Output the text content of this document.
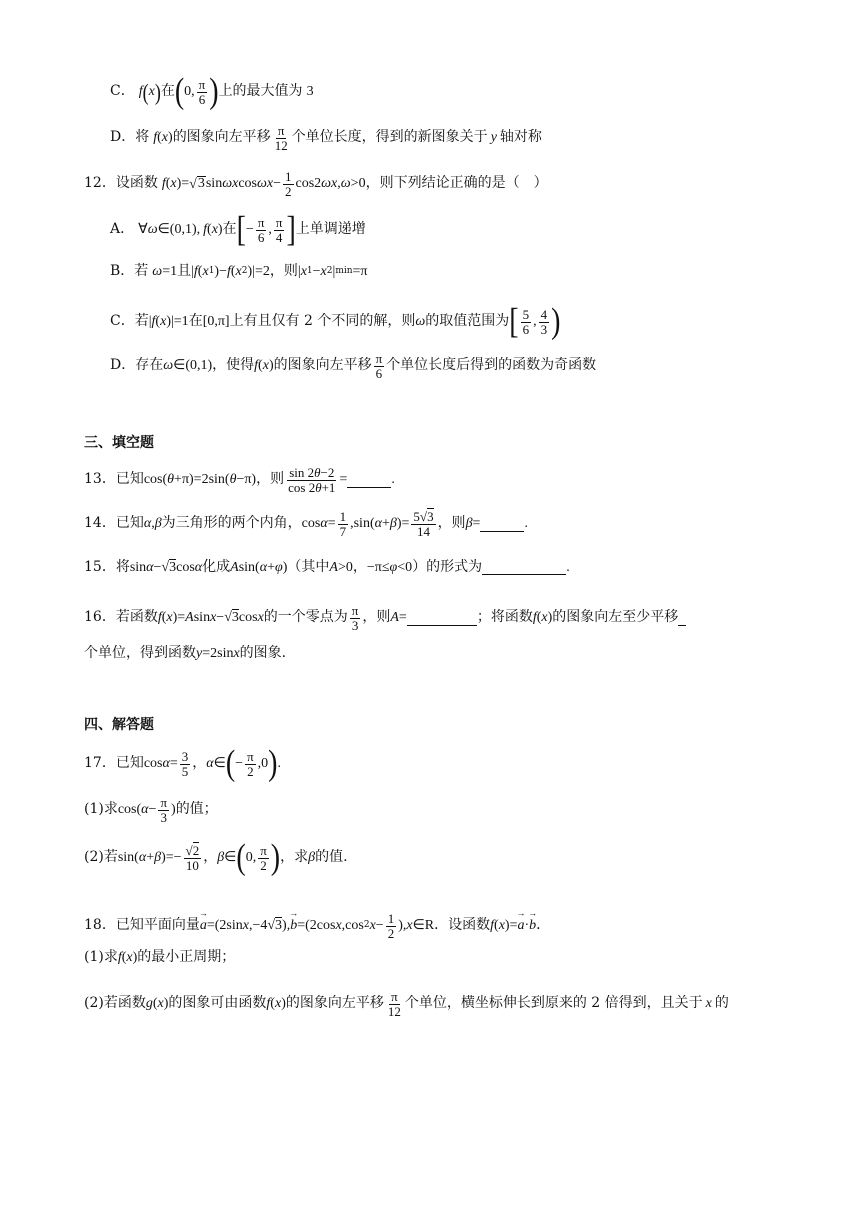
C． f ( x ) 在 ( 0, $\frac{\pi}{6}$ ) 上的最大值为 3
D． 将 f ( x ) 的图象向左平移 $\frac{\pi}{12}$ 个单位长度，得到的新图象关于 y 轴对称
12． 设函数 f ( x )= √ 3 sin ωx $\cos \omega x - \frac{1}{2} \cos 2$ ωx , ω >0 ，则下列结论正确的是（　）
A． ∀ ω ∈(0,1), f ( x ) 在 [ − $\frac{\pi}{6}$ , $\frac{\pi}{4}$ ] 上单调递增
B． 若 ω =1 且 | f ( x 1 )− f ( x 2 )|=2 ，则 | x 1 − x 2 | min =π
C． 若 | f ( x )|=1 在 [0,π] 上有且仅有 2 个不同的解，则 ω 的取值范围为 [ $\frac{5}{6}$ , $\frac{4}{3}$ )
D． 存在 ω ∈(0,1) ，使得 f ( x ) 的图象向左平移 $\frac{\pi}{6}$ 个单位长度后得到的函数为奇函数
三、填空题
13． 已知 cos( θ +π)=2sin( θ −π) ，则 $\frac{\sin 2\theta-2}{\cos 2\theta+1}$ =	.
14． 已知 α , β 为三角形的两个内角， $\cos \alpha = \frac{1}{7} ,\sin$( α + β )= $\frac{5√3}{14}$ ，则 β =	.
15． 将 sin α −√3cos α 化成 A sin( α + φ ) （其中 A >0 ， −π≤ φ <0 ）的形式为	.
16． 若函数 f ( x )= A sin x −√3cos x 的一个零点为 $\frac{\pi}{3}$ ，则 A =	；将函数 f ( x ) 的图象向左至少平移
个单位，得到函数 y =2sin x 的图象.
四、解答题
17． 已知 $\cos \alpha = \frac{3}{5}$ ， α ∈ ( − $\frac{\pi}{2} ,0$ ) .
(1)求 cos( $\alpha - \frac{\pi}{3}$ ) 的值；
(2)若 sin( α + β )=− $\frac{√2}{10}$ ， β ∈ ( 0, $\frac{\pi}{2}$ ) ，求 β 的值.
18． 已知平面向量 → a =(2sin x ,−4√3), → b =(2cos x ,cos 2 $x - \frac{1}{2}$ ), x ∈R ．设函数 f ( x )= → a · → b ．
(1)求 f ( x ) 的最小正周期；
(2)若函数 g ( x ) 的图象可由函数 f ( x ) 的图象向左平移 $\frac{\pi}{12}$ 个单位，横坐标伸长到原来的 2 倍得到，且关于 x 的
